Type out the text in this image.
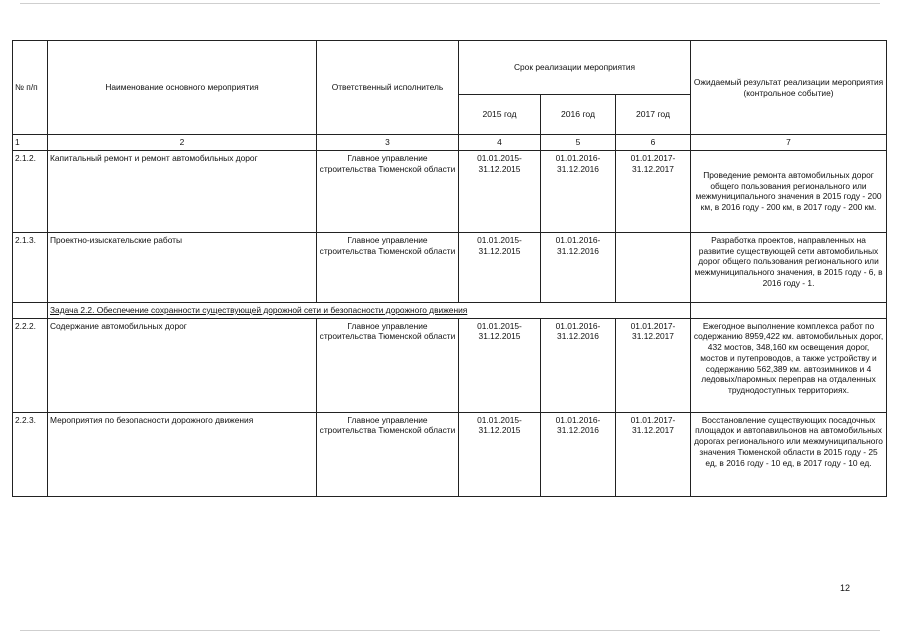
№ п/п	Наименование основного мероприятия	Ответственный исполнитель	Срок реализации мероприятия			Ожидаемый результат реализации мероприятия (контрольное событие)
			2015 год	2016 год	2017 год	
1	2	3	4	5	6	7
2.1.2.	Капитальный ремонт и ремонт автомобильных дорог	Главное управление строительства Тюменской области	01.01.2015-31.12.2015	01.01.2016-31.12.2016	01.01.2017-31.12.2017	Проведение ремонта автомобильных дорог общего пользования регионального или межмуниципального значения в 2015 году - 200 км, в 2016 году - 200 км, в 2017 году - 200 км.
2.1.3.	Проектно-изыскательские работы	Главное управление строительства Тюменской области	01.01.2015-31.12.2015	01.01.2016-31.12.2016		Разработка проектов, направленных на развитие существующей сети автомобильных дорог общего пользования регионального или межмуниципального значения, в 2015 году - 6, в 2016 году - 1.
	Задача 2.2. Обеспечение сохранности существующей дорожной сети и безопасности дорожного движения					
2.2.2.	Содержание автомобильных дорог	Главное управление строительства Тюменской области	01.01.2015-31.12.2015	01.01.2016-31.12.2016	01.01.2017-31.12.2017	Ежегодное выполнение комплекса работ по содержанию 8959,422 км. автомобильных дорог, 432 мостов, 348,160 км освещения дорог, мостов и путепроводов, а также устройству и содержанию 562,389 км. автозимников и 4 ледовых/паромных переправ на отдаленных труднодоступных территориях.
2.2.3.	Мероприятия по безопасности дорожного движения	Главное управление строительства Тюменской области	01.01.2015-31.12.2015	01.01.2016-31.12.2016	01.01.2017-31.12.2017	Восстановление существующих посадочных площадок и автопавильонов на автомобильных дорогах регионального или межмуниципального значения Тюменской области в 2015 году - 25 ед, в 2016 году - 10 ед, в 2017 году - 10 ед.
12
